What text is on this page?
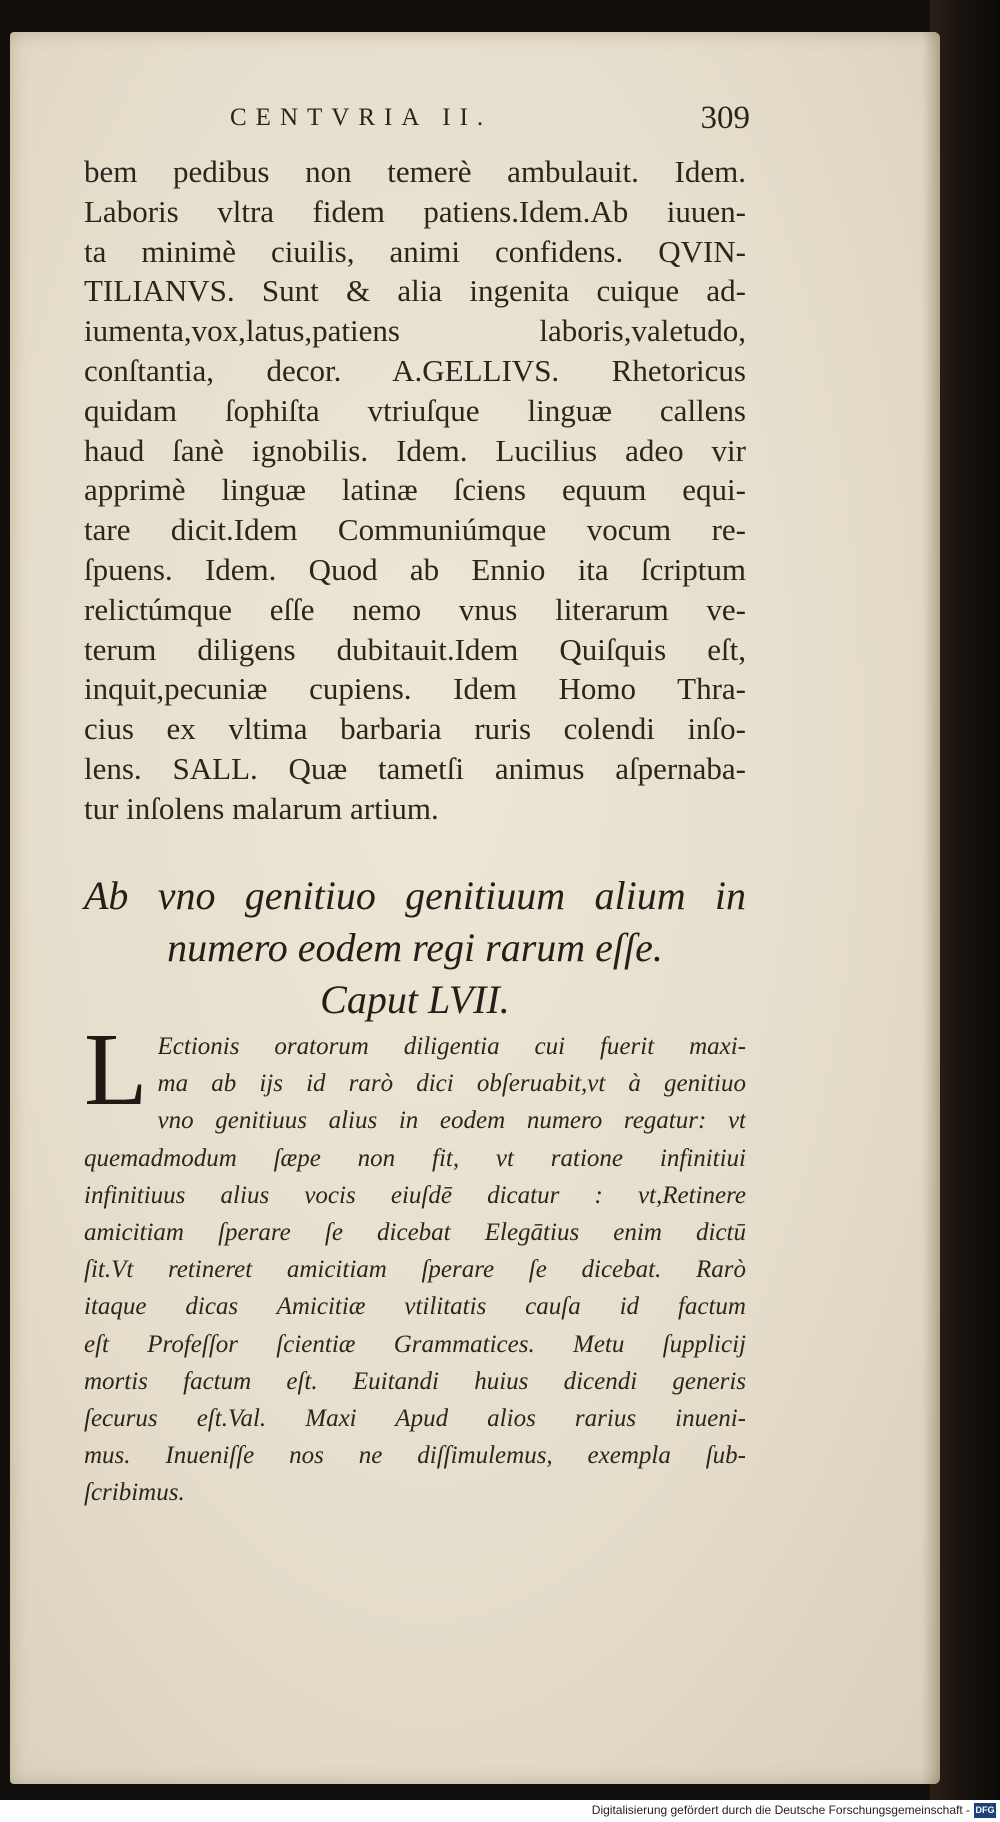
CENTVRIA II.	309
bem pedibus non temerè ambulauit. Idem.
Laboris vltra fidem patiens.Idem.Ab iuuen-
ta minimè ciuilis, animi confidens. QVIN-
TILIANVS. Sunt & alia ingenita cuique ad-
iumenta,vox,latus,patiens laboris,valetudo,
conſtantia, decor. A.GELLIVS. Rhetoricus
quidam ſophiſta vtriuſque linguæ callens
haud ſanè ignobilis. Idem. Lucilius adeo vir
apprimè linguæ latinæ ſciens equum equi-
tare dicit.Idem Communiúmque vocum re-
ſpuens. Idem. Quod ab Ennio ita ſcriptum
relictúmque eſſe nemo vnus literarum ve-
terum diligens dubitauit.Idem Quiſquis eſt,
inquit,pecuniæ cupiens. Idem Homo Thra-
cius ex vltima barbaria ruris colendi inſo-
lens. SALL. Quæ tametſi animus aſpernaba-
tur inſolens malarum artium.
Ab vno genitiuo genitiuum alium in
numero eodem regi rarum eſſe.
Caput LVII.
L Ectionis oratorum diligentia cui fuerit maxi-
ma ab ijs id rarò dici obſeruabit,vt à genitiuo
vno genitiuus alius in eodem numero regatur: vt
quemadmodum ſæpe non fit, vt ratione infinitiui
infinitiuus alius vocis eiuſdē dicatur : vt,Retinere
amicitiam ſperare ſe dicebat Elegātius enim dictū
ſit.Vt retineret amicitiam ſperare ſe dicebat. Rarò
itaque dicas Amicitiæ vtilitatis cauſa id factum
eſt Profeſſor ſcientiæ Grammatices. Metu ſupplicij
mortis factum eſt. Euitandi huius dicendi generis
ſecurus eſt.Val. Maxi Apud alios rarius inueni-
mus. Inueniſſe nos ne diſſimulemus, exempla ſub-
ſcribimus.
Digitalisierung gefördert durch die Deutsche Forschungsgemeinschaft - DFG
